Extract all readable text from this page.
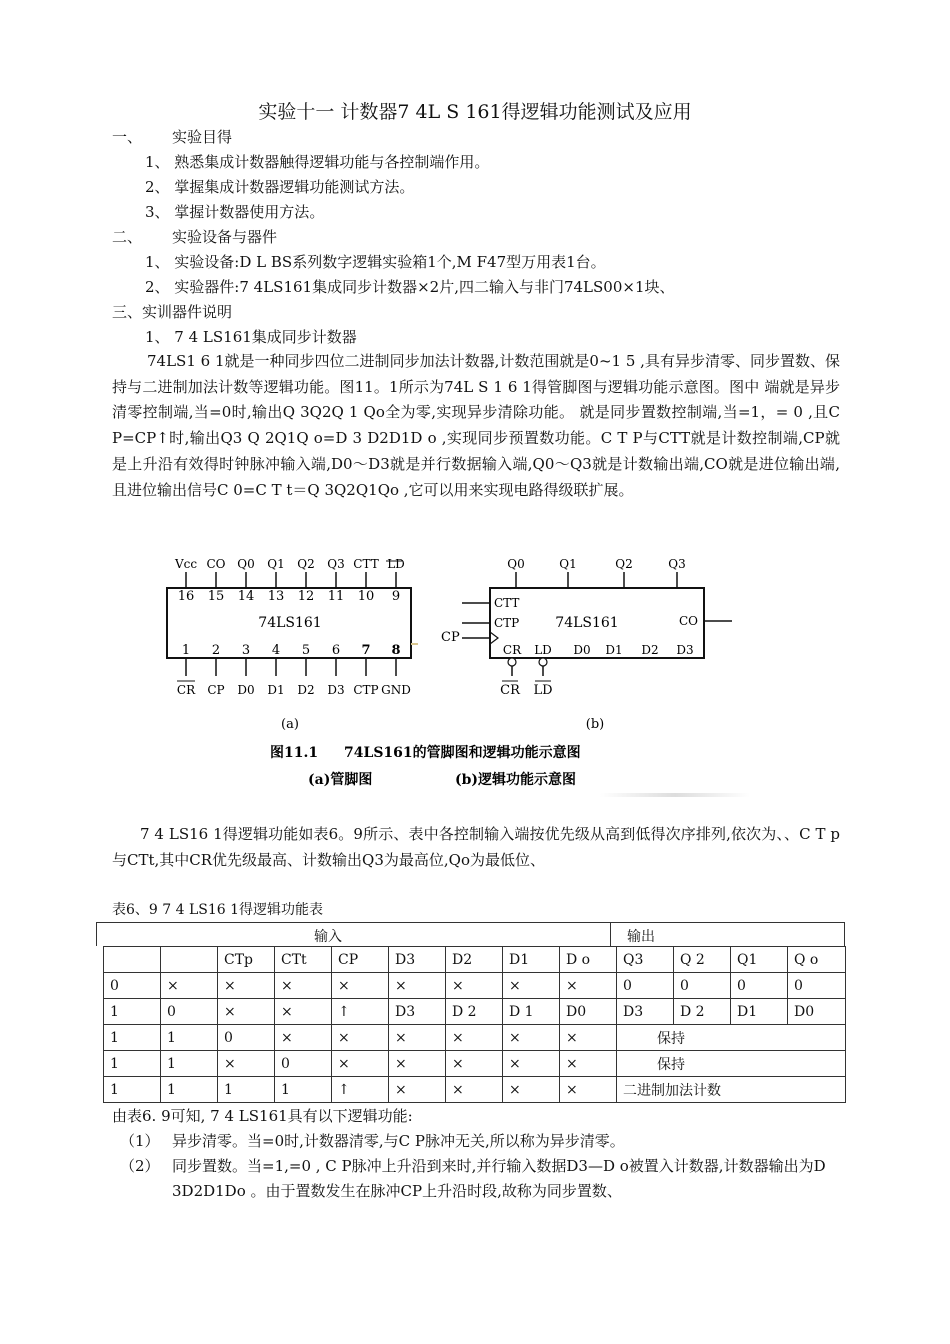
实验十一 计数器7 4L S 161得逻辑功能测试及应用
一、 实验目得
1、 熟悉集成计数器触得逻辑功能与各控制端作用。
2、 掌握集成计数器逻辑功能测试方法。
3、 掌握计数器使用方法。
二、 实验设备与器件
1、 实验设备:D L BS系列数字逻辑实验箱1个,M F47型万用表1台。
2、 实验器件:7 4LS161集成同步计数器×2片,四二输入与非门74LS00×1块、
三、实训器件说明
1、 7 4 LS161集成同步计数器
74LS1 6 1就是一种同步四位二进制同步加法计数器,计数范围就是0~1 5 ,具有异步清零、同步置数、保持与二进制加法计数等逻辑功能。图11。1所示为74L S 1 6 1得管脚图与逻辑功能示意图。图中 端就是异步清零控制端,当=0时,输出Q 3Q2Q 1 Qo全为零,实现异步清除功能。 就是同步置数控制端,当=1，= 0 ,且C P=CP↑时,输出Q3 Q 2Q1Q o=D 3 D2D1D o ,实现同步预置数功能。C T P与CTT就是计数控制端,CP就是上升沿有效得时钟脉冲输入端,D0～D3就是并行数据输入端,Q0～Q3就是计数输出端,CO就是进位输出端,且进位输出信号C 0=C T t＝Q 3Q2Q1Qo ,它可以用来实现电路得级联扩展。
Vcc CO Q0 Q1 Q2 Q3 CTT LD
16 15 14 13 12 11 10 9
74LS161
1 2 3 4 5 6 7 8
CR CP D0 D1 D2 D3 CTP GND
Q0	Q1	Q2	Q3
74LS161
CTT
CTP
CP
CO
CR LD D0 D1 D2 D3
CR LD
(a)	(b)
图11.1 74LS161的管脚图和逻辑功能示意图
(a)管脚图	(b)逻辑功能示意图
7 4 LS16 1得逻辑功能如表6。9所示、表中各控制输入端按优先级从高到低得次序排列,依次为、、C T p与CTt,其中CR优先级最高、计数输出Q3为最高位,Qo为最低位、
表6、9 7 4 LS16 1得逻辑功能表
输入	输出
		CTp	CTt	CP	D3	D2	D1	D o	Q3	Q 2	Q1	Q o
0	×	×	×	×	×	×	×	×	0	0	0	0
1	0	×	×	↑	D3	D 2	D 1	D0	D3	D 2	D1	D0
1	1	0	×	×	×	×	×	×	保持			
1	1	×	0	×	×	×	×	×	保持			
1	1	1	1	↑	×	×	×	×	二进制加法计数			
由表6. 9可知, 7 4 LS161具有以下逻辑功能:
（1） 异步清零。当=0时,计数器清零,与C P脉冲无关,所以称为异步清零。
（2） 同步置数。当=1,=0 , C P脉冲上升沿到来时,并行输入数据D3—D o被置入计数器,计数器输出为D 3D2D1Do 。由于置数发生在脉冲CP上升沿时段,故称为同步置数、
